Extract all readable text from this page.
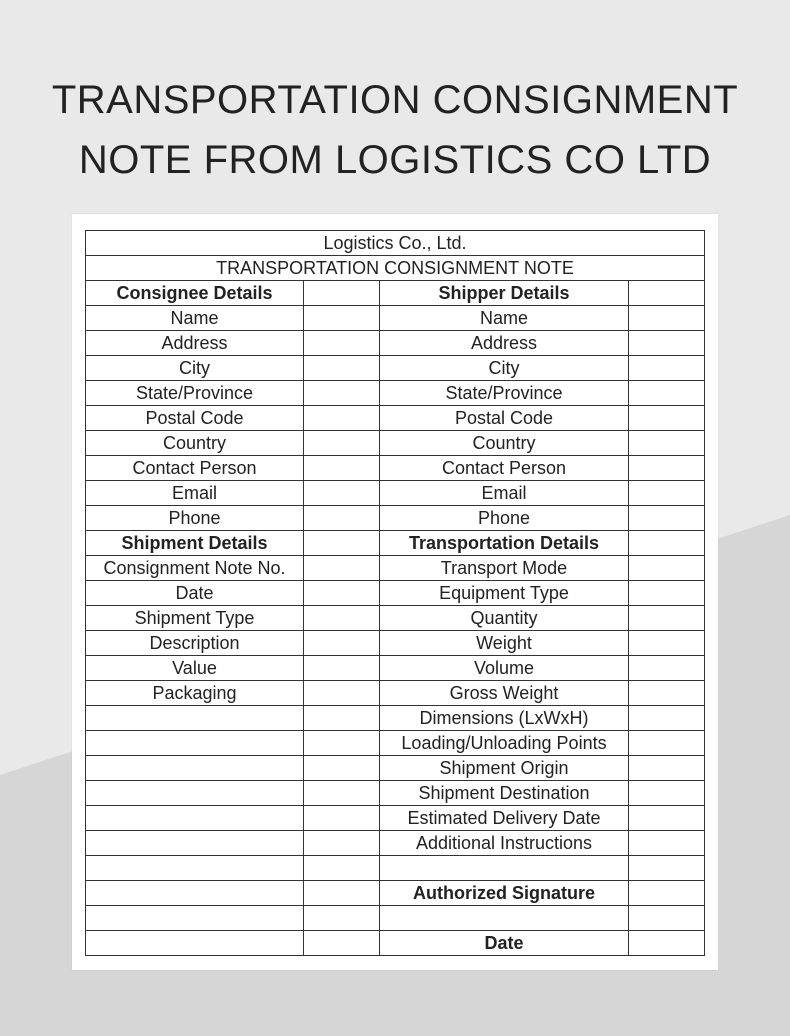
TRANSPORTATION CONSIGNMENT
NOTE FROM LOGISTICS CO LTD
Logistics Co., Ltd.			
TRANSPORTATION CONSIGNMENT NOTE			
Consignee Details		Shipper Details	
Name		Name	
Address		Address	
City		City	
State/Province		State/Province	
Postal Code		Postal Code	
Country		Country	
Contact Person		Contact Person	
Email		Email	
Phone		Phone	
Shipment Details		Transportation Details	
Consignment Note No.		Transport Mode	
Date		Equipment Type	
Shipment Type		Quantity	
Description		Weight	
Value		Volume	
Packaging		Gross Weight	
		Dimensions (LxWxH)	
		Loading/Unloading Points	
		Shipment Origin	
		Shipment Destination	
		Estimated Delivery Date	
		Additional Instructions	

		Authorized Signature	

		Date	
